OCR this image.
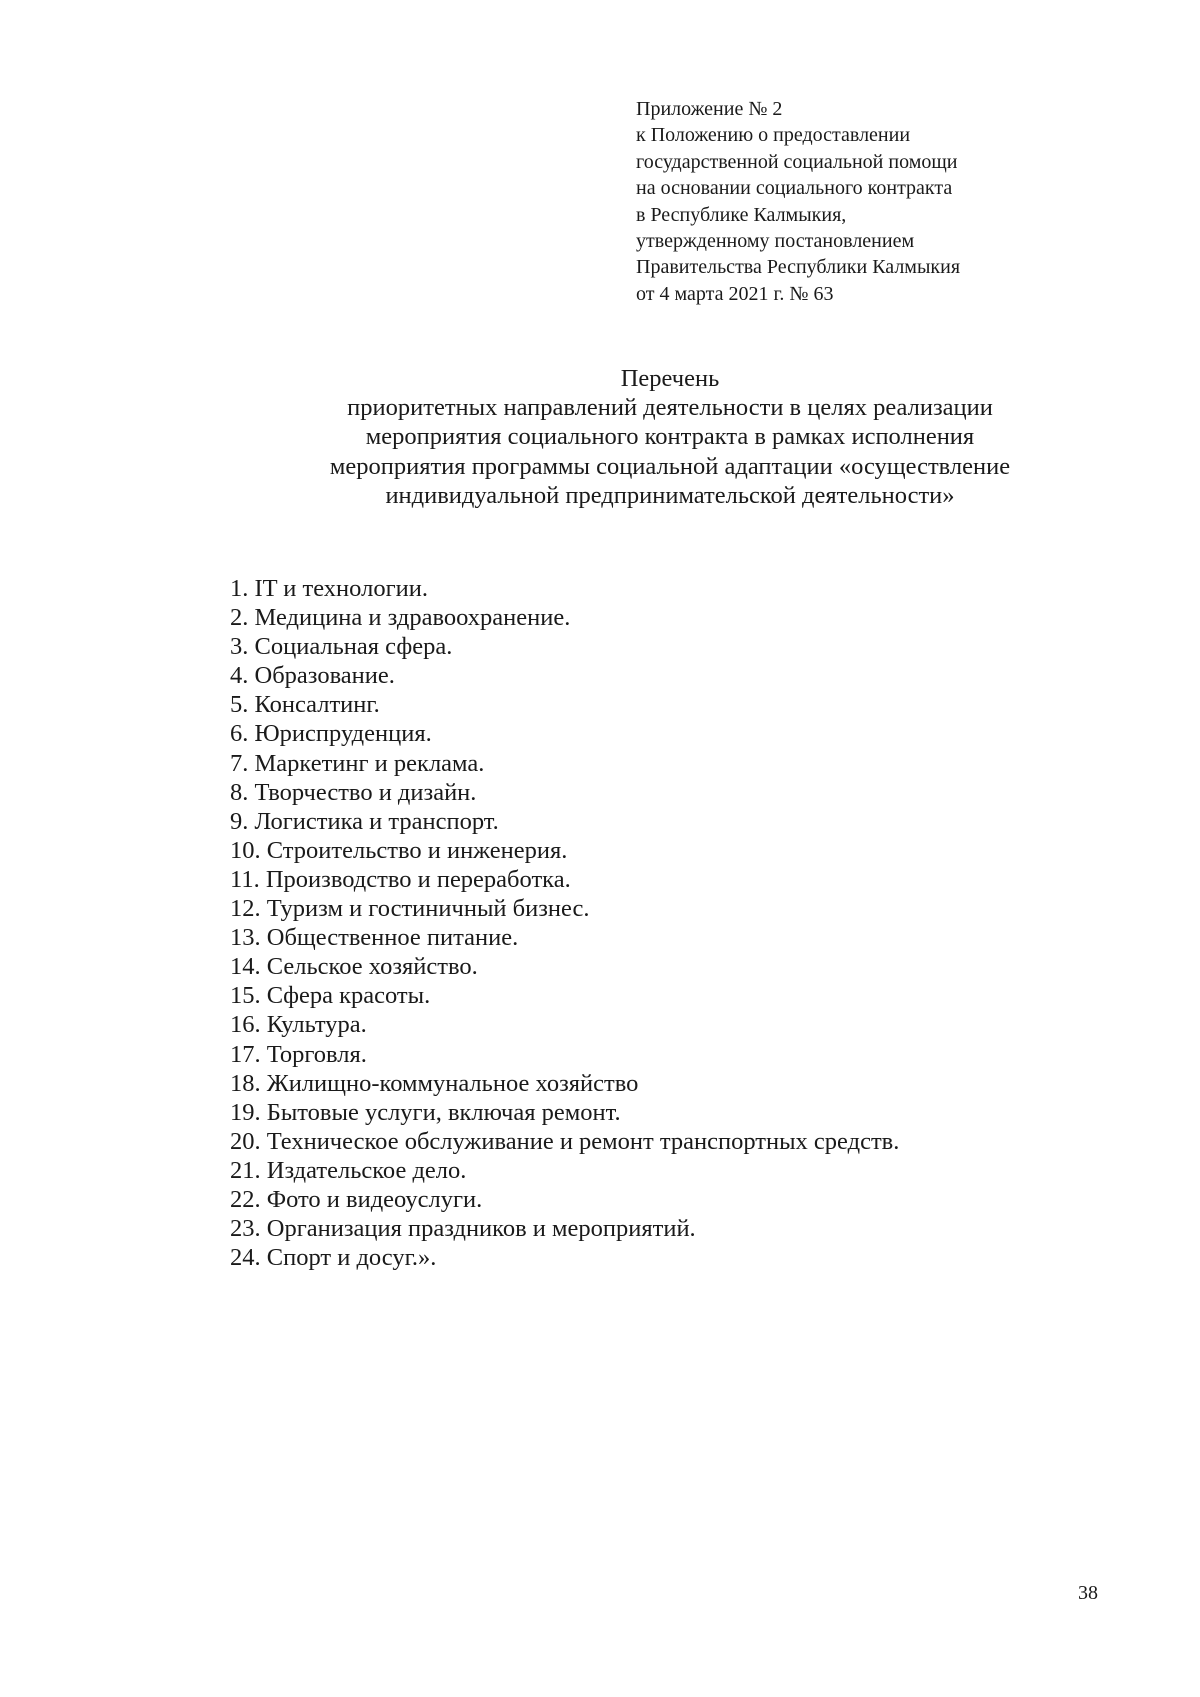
Приложение № 2
к Положению о предоставлении
государственной социальной помощи
на основании социального контракта
в Республике Калмыкия,
утвержденному постановлением
Правительства Республики Калмыкия
от 4 марта 2021 г. № 63
Перечень
приоритетных направлений деятельности в целях реализации
мероприятия социального контракта в рамках исполнения
мероприятия программы социальной адаптации «осуществление
индивидуальной предпринимательской деятельности»
1. IT и технологии.
2. Медицина и здравоохранение.
3. Социальная сфера.
4. Образование.
5. Консалтинг.
6. Юриспруденция.
7. Маркетинг и реклама.
8. Творчество и дизайн.
9. Логистика и транспорт.
10. Строительство и инженерия.
11. Производство и переработка.
12. Туризм и гостиничный бизнес.
13. Общественное питание.
14. Сельское хозяйство.
15. Сфера красоты.
16. Культура.
17. Торговля.
18. Жилищно-коммунальное хозяйство
19. Бытовые услуги, включая ремонт.
20. Техническое обслуживание и ремонт транспортных средств.
21. Издательское дело.
22. Фото и видеоуслуги.
23. Организация праздников и мероприятий.
24. Спорт и досуг.».
38
